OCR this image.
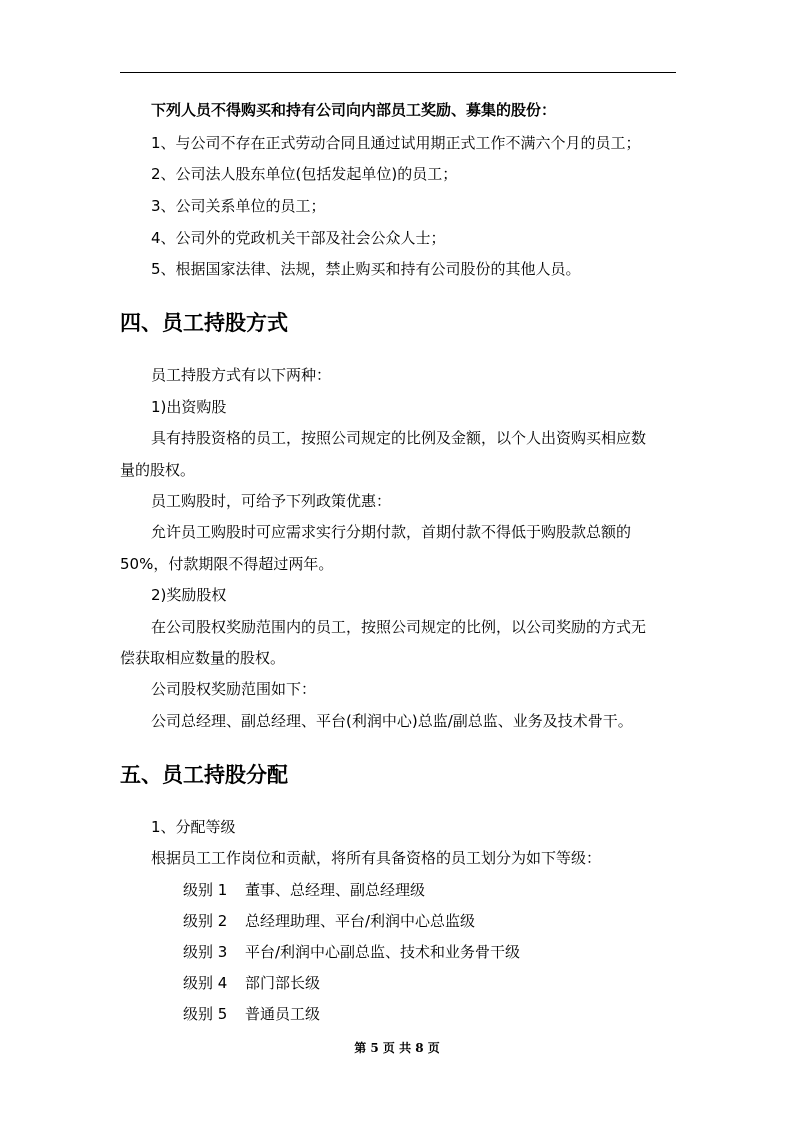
下列人员不得购买和持有公司向内部员工奖励、募集的股份：
1、与公司不存在正式劳动合同且通过试用期正式工作不满六个月的员工；
2、公司法人股东单位(包括发起单位)的员工；
3、公司关系单位的员工；
4、公司外的党政机关干部及社会公众人士；
5、根据国家法律、法规，禁止购买和持有公司股份的其他人员。
四、员工持股方式
员工持股方式有以下两种：
1)出资购股
具有持股资格的员工，按照公司规定的比例及金额，以个人出资购买相应数
量的股权。
员工购股时，可给予下列政策优惠：
允许员工购股时可应需求实行分期付款，首期付款不得低于购股款总额的
50%，付款期限不得超过两年。
2)奖励股权
在公司股权奖励范围内的员工，按照公司规定的比例，以公司奖励的方式无
偿获取相应数量的股权。
公司股权奖励范围如下：
公司总经理、副总经理、平台(利润中心)总监/副总监、业务及技术骨干。
五、员工持股分配
1、分配等级
根据员工工作岗位和贡献，将所有具备资格的员工划分为如下等级：
级别 1 董事、总经理、副总经理级
级别 2 总经理助理、平台/利润中心总监级
级别 3 平台/利润中心副总监、技术和业务骨干级
级别 4 部门部长级
级别 5 普通员工级
第 5 页 共 8 页
